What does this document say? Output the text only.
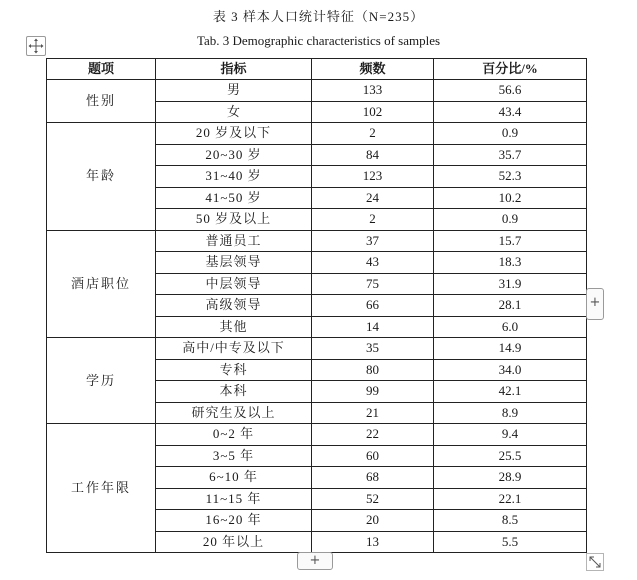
表 3 样本人口统计特征（N=235）
Tab. 3 Demographic characteristics of samples
题项	指标	频数	百分比/%
性别	男	133	56.6
	女	102	43.4
年龄	20 岁及以下	2	0.9
	20~30 岁	84	35.7
	31~40 岁	123	52.3
	41~50 岁	24	10.2
	50 岁及以上	2	0.9
酒店职位	普通员工	37	15.7
	基层领导	43	18.3
	中层领导	75	31.9
	高级领导	66	28.1
	其他	14	6.0
学历	高中/中专及以下	35	14.9
	专科	80	34.0
	本科	99	42.1
	研究生及以上	21	8.9
工作年限	0~2 年	22	9.4
	3~5 年	60	25.5
	6~10 年	68	28.9
	11~15 年	52	22.1
	16~20 年	20	8.5
	20 年以上	13	5.5
+
+
